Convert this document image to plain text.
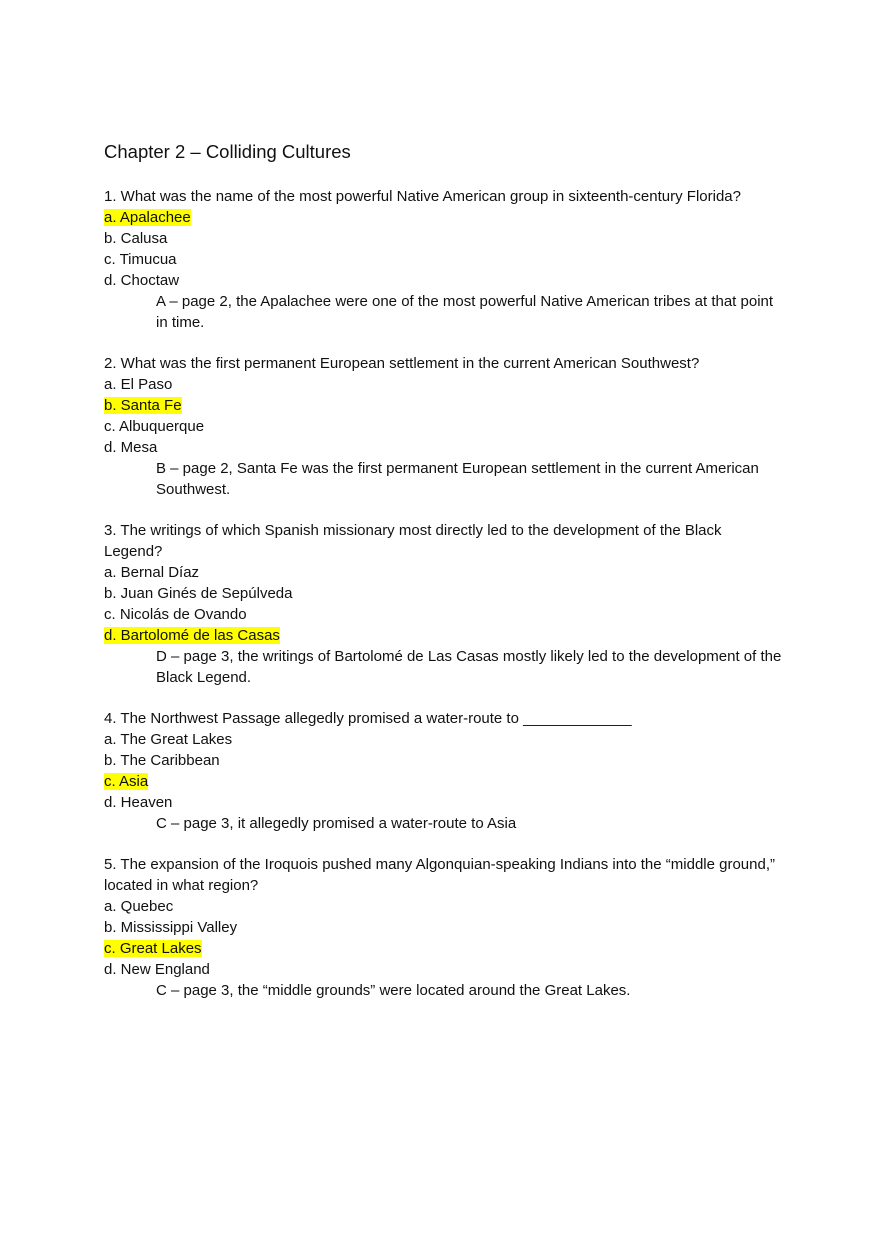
Chapter 2 – Colliding Cultures

1. What was the name of the most powerful Native American group in sixteenth-century Florida?

a. Apalachee

b. Calusa

c. Timucua

d. Choctaw

A – page 2, the Apalachee were one of the most powerful Native American tribes at that point in time.

2. What was the first permanent European settlement in the current American Southwest?

a. El Paso

b. Santa Fe

c. Albuquerque

d. Mesa

B – page 2, Santa Fe was the first permanent European settlement in the current American Southwest.

3. The writings of which Spanish missionary most directly led to the development of the Black Legend?

a. Bernal Díaz

b. Juan Ginés de Sepúlveda

c. Nicolás de Ovando

d. Bartolomé de las Casas

D – page 3, the writings of Bartolomé de Las Casas mostly likely led to the development of the Black Legend.

4. The Northwest Passage allegedly promised a water-route to _____________

a. The Great Lakes

b. The Caribbean

c. Asia

d. Heaven

C – page 3, it allegedly promised a water-route to Asia

5. The expansion of the Iroquois pushed many Algonquian-speaking Indians into the “middle ground,” located in what region?

a. Quebec

b. Mississippi Valley

c. Great Lakes

d. New England

C – page 3, the “middle grounds” were located around the Great Lakes.
